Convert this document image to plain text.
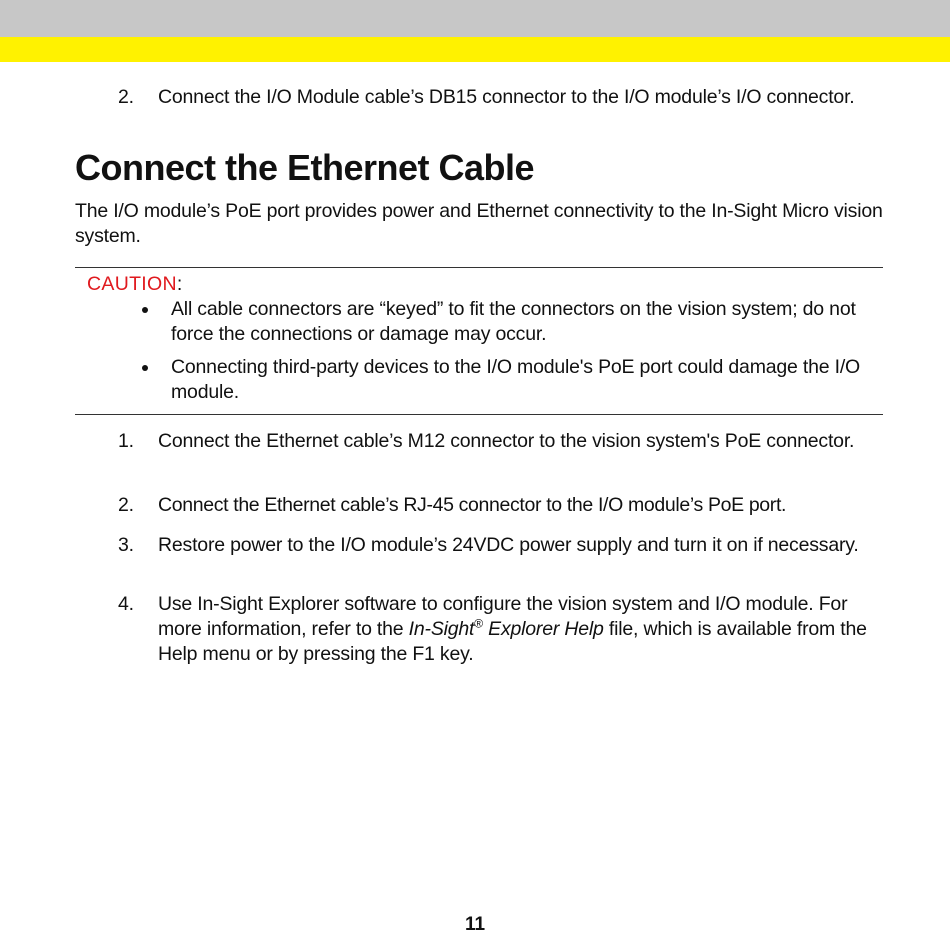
2. Connect the I/O Module cable’s DB15 connector to the I/O module’s I/O connector.
Connect the Ethernet Cable
The I/O module’s PoE port provides power and Ethernet connectivity to the In-Sight Micro vision system.
CAUTION:
All cable connectors are “keyed” to fit the connectors on the vision system; do not force the connections or damage may occur.
Connecting third-party devices to the I/O module's PoE port could damage the I/O module.
1. Connect the Ethernet cable’s M12 connector to the vision system's PoE connector.
2. Connect the Ethernet cable’s RJ-45 connector to the I/O module’s PoE port.
3. Restore power to the I/O module’s 24VDC power supply and turn it on if necessary.
4. Use In-Sight Explorer software to configure the vision system and I/O module. For more information, refer to the In-Sight® Explorer Help file, which is available from the Help menu or by pressing the F1 key.
11
